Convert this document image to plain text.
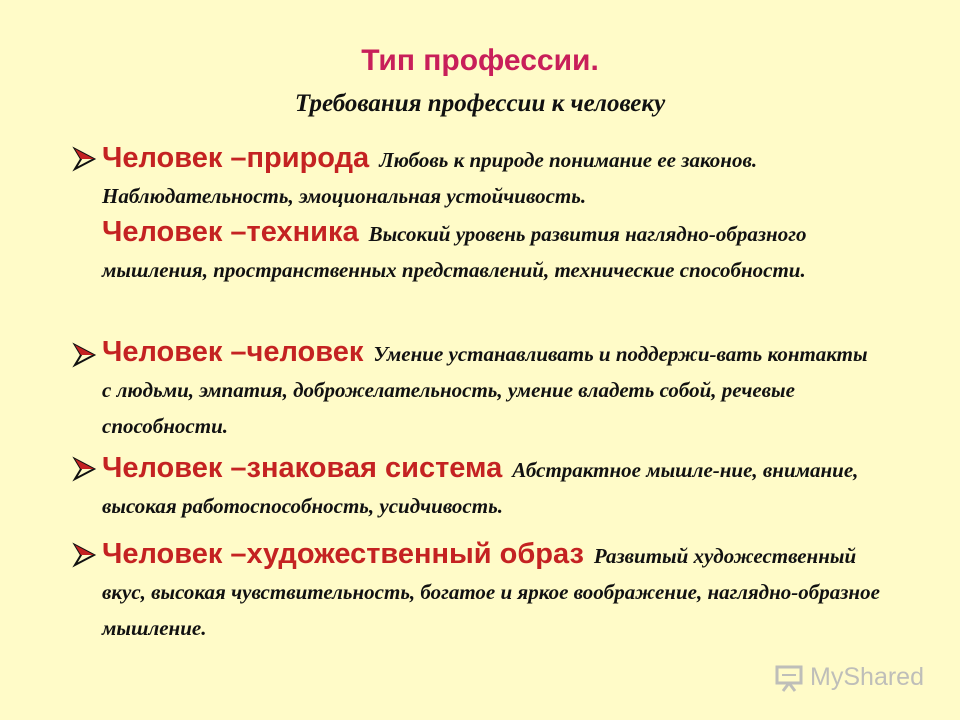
Тип профессии.
Требования профессии к человеку
Человек –природа Любовь к природе понимание ее законов. Наблюдательность, эмоциональная устойчивость.
Человек –техника Высокий уровень развития наглядно-образного мышления, пространственных представлений, технические способности.
Человек –человек Умение устанавливать и поддержи-вать контакты с людьми, эмпатия, доброжелательность, умение владеть собой, речевые способности.
Человек –знаковая система Абстрактное мышле-ние, внимание, высокая работоспособность, усидчивость.
Человек –художественный образ Развитый художественный вкус, высокая чувствительность, богатое и яркое воображение, наглядно-образное мышление.
MyShared
